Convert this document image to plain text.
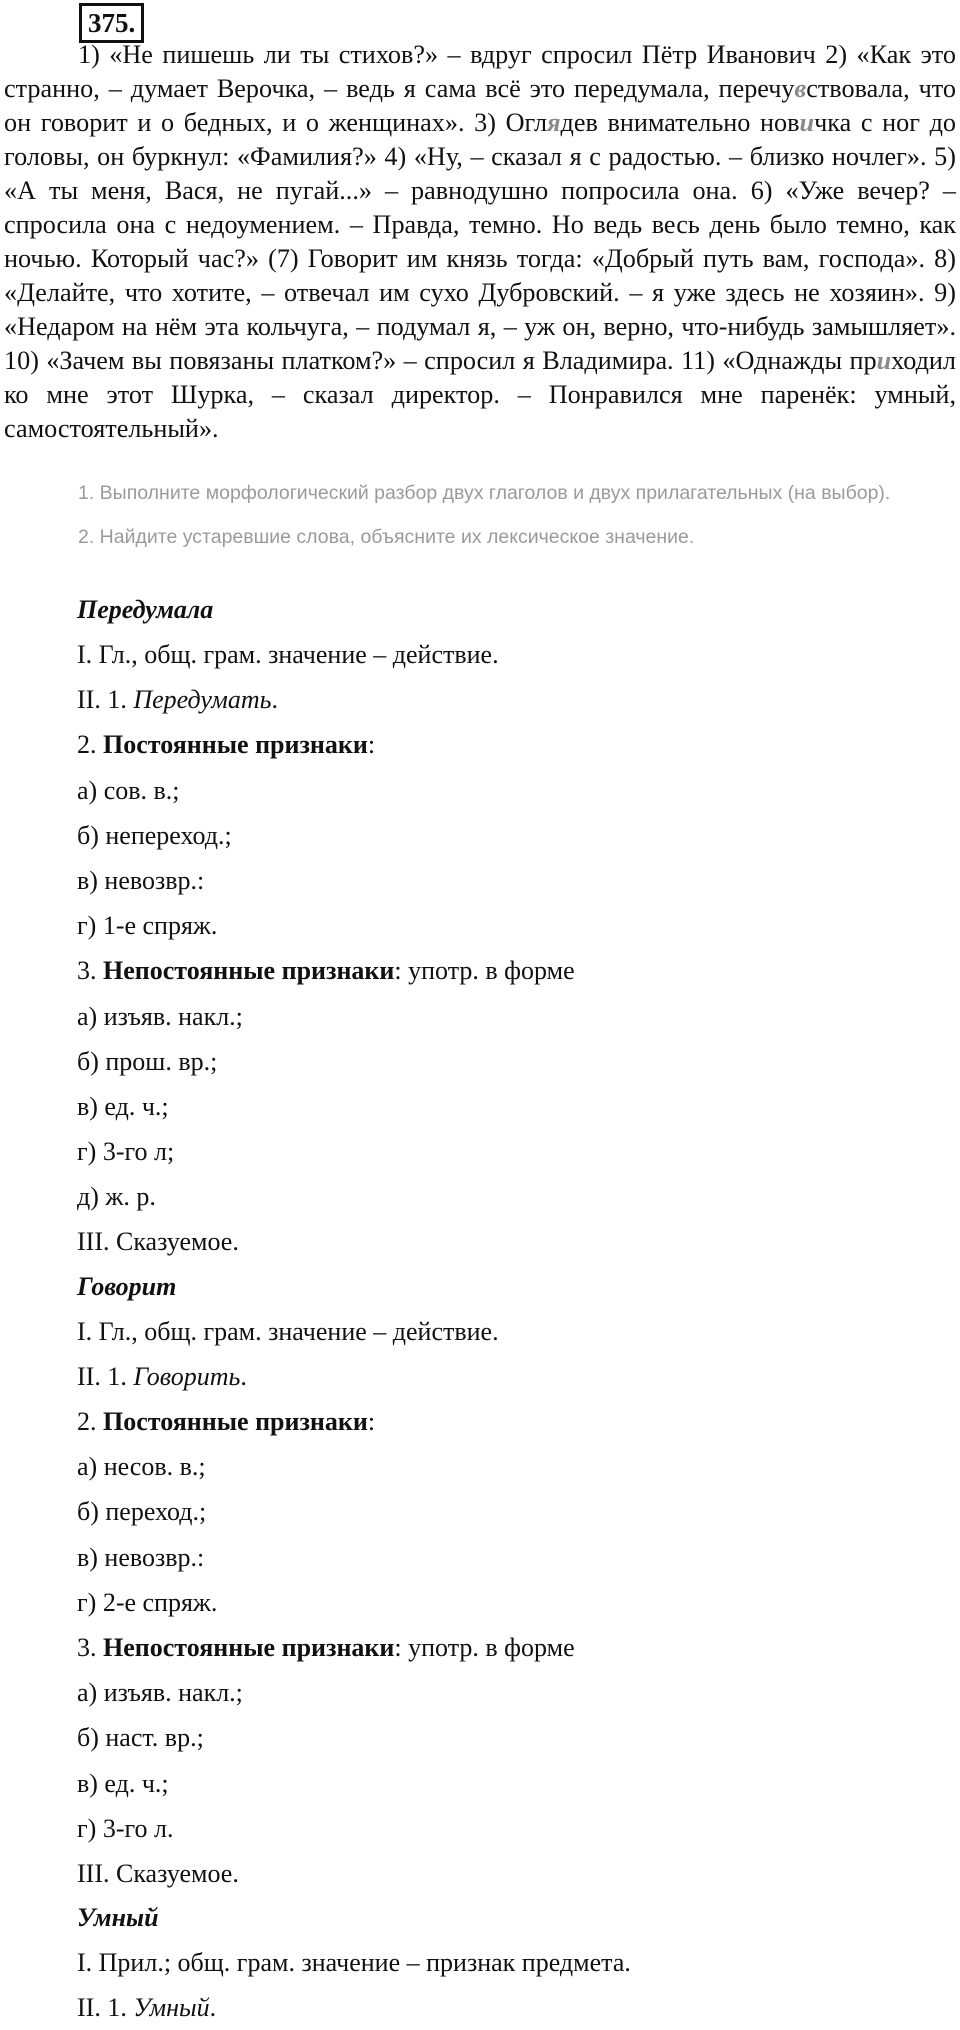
375.

1) «Не пишешь ли ты стихов?» – вдруг спросил Пётр Иванович 2) «Как это странно, – думает Верочка, – ведь я сама всё это передумала, перечувствовала, что он говорит и о бедных, и о женщинах». 3) Оглядев внимательно новичка с ног до головы, он буркнул: «Фамилия?» 4) «Ну, – сказал я с радостью. – близко ночлег». 5) «А ты меня, Вася, не пугай...» – равнодушно попросила она. 6) «Уже вечер? – спросила она с недоумением. – Правда, темно. Но ведь весь день было темно, как ночью. Который час?» (7) Говорит им князь тогда: «Добрый путь вам, господа». 8) «Делайте, что хотите, – отвечал им сухо Дубровский. – я уже здесь не хозяин». 9) «Недаром на нём эта кольчуга, – подумал я, – уж он, верно, что-нибудь замышляет». 10) «Зачем вы повязаны платком?» – спросил я Владимира. 11) «Однажды приходил ко мне этот Шурка, – сказал директор. – Понравился мне паренёк: умный, самостоятельный».

1. Выполните морфологический разбор двух глаголов и двух прилагательных (на выбор).

2. Найдите устаревшие слова, объясните их лексическое значение.

Передумала
I. Гл., общ. грам. значение – действие.
II. 1. Передумать.
2. Постоянные признаки:
а) сов. в.;
б) непереход.;
в) невозвр.:
г) 1-е спряж.
3. Непостоянные признаки: употр. в форме
а) изъяв. накл.;
б) прош. вр.;
в) ед. ч.;
г) 3-го л;
д) ж. р.
III. Сказуемое.
Говорит
I. Гл., общ. грам. значение – действие.
II. 1. Говорить.
2. Постоянные признаки:
а) несов. в.;
б) переход.;
в) невозвр.:
г) 2-е спряж.
3. Непостоянные признаки: употр. в форме
а) изъяв. накл.;
б) наст. вр.;
в) ед. ч.;
г) 3-го л.
III. Сказуемое.
Умный
I. Прил.; общ. грам. значение – признак предмета.
II. 1. Умный.
